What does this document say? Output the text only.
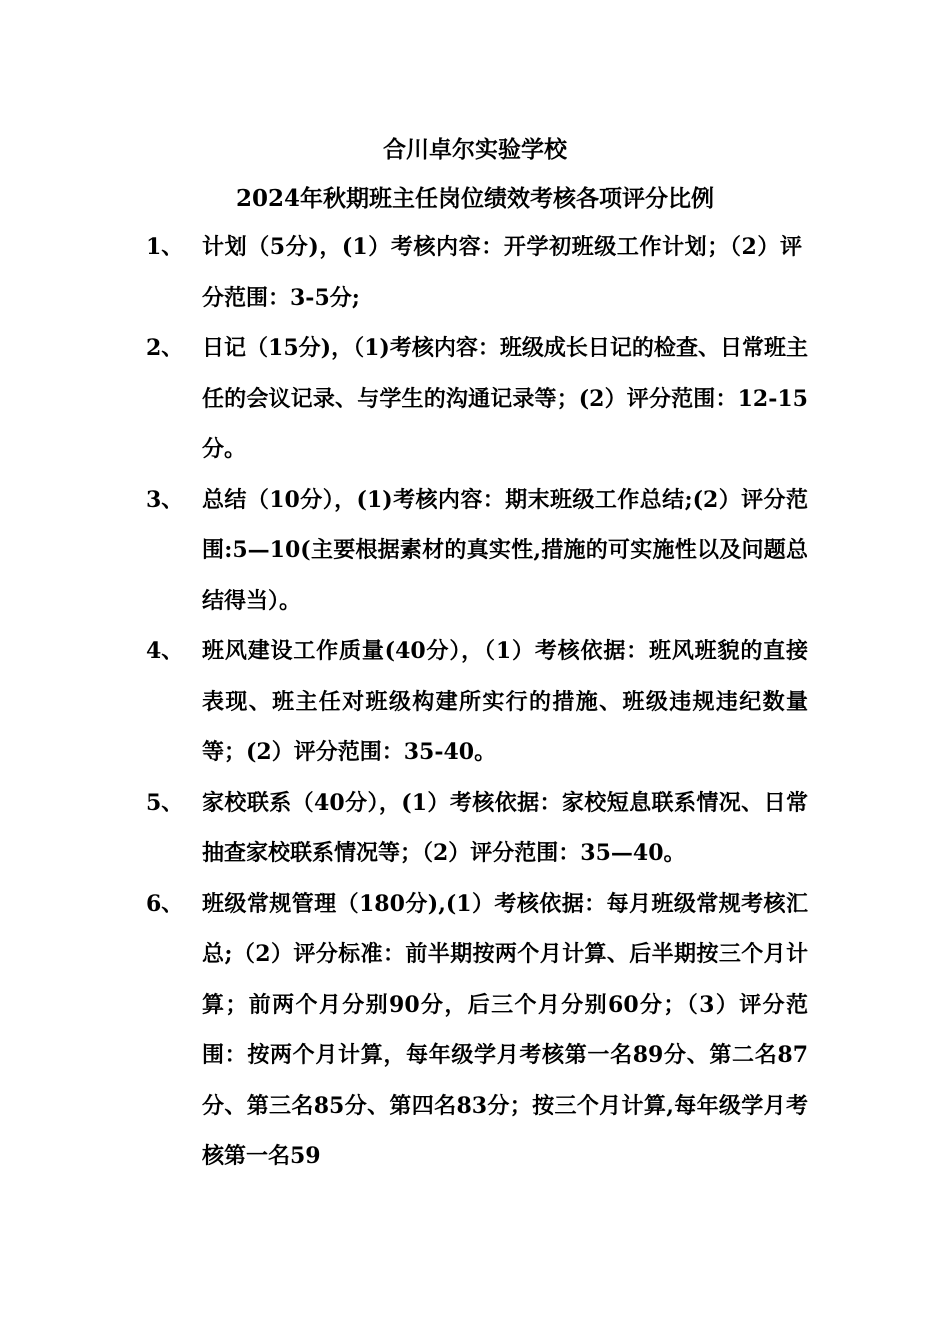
合川卓尔实验学校
2024年秋期班主任岗位绩效考核各项评分比例
1、 计划（5分)，(1）考核内容：开学初班级工作计划；（2）评分范围：3-5分;
2、 日记（15分)，（1)考核内容：班级成长日记的检查、日常班主任的会议记录、与学生的沟通记录等；(2）评分范围：12-15分。
3、 总结（10分），(1)考核内容：期末班级工作总结;(2）评分范围:5—10(主要根据素材的真实性,措施的可实施性以及问题总结得当）。
4、 班风建设工作质量(40分），（1）考核依据：班风班貌的直接表现、班主任对班级构建所实行的措施、班级违规违纪数量等；(2）评分范围：35-40。
5、 家校联系（40分），(1）考核依据：家校短息联系情况、日常抽查家校联系情况等；（2）评分范围：35—40。
6、 班级常规管理（180分),(1）考核依据：每月班级常规考核汇总;（2）评分标准：前半期按两个月计算、后半期按三个月计算；前两个月分别90分，后三个月分别60分；（3）评分范围：按两个月计算，每年级学月考核第一名89分、第二名87分、第三名85分、第四名83分；按三个月计算,每年级学月考核第一名59
